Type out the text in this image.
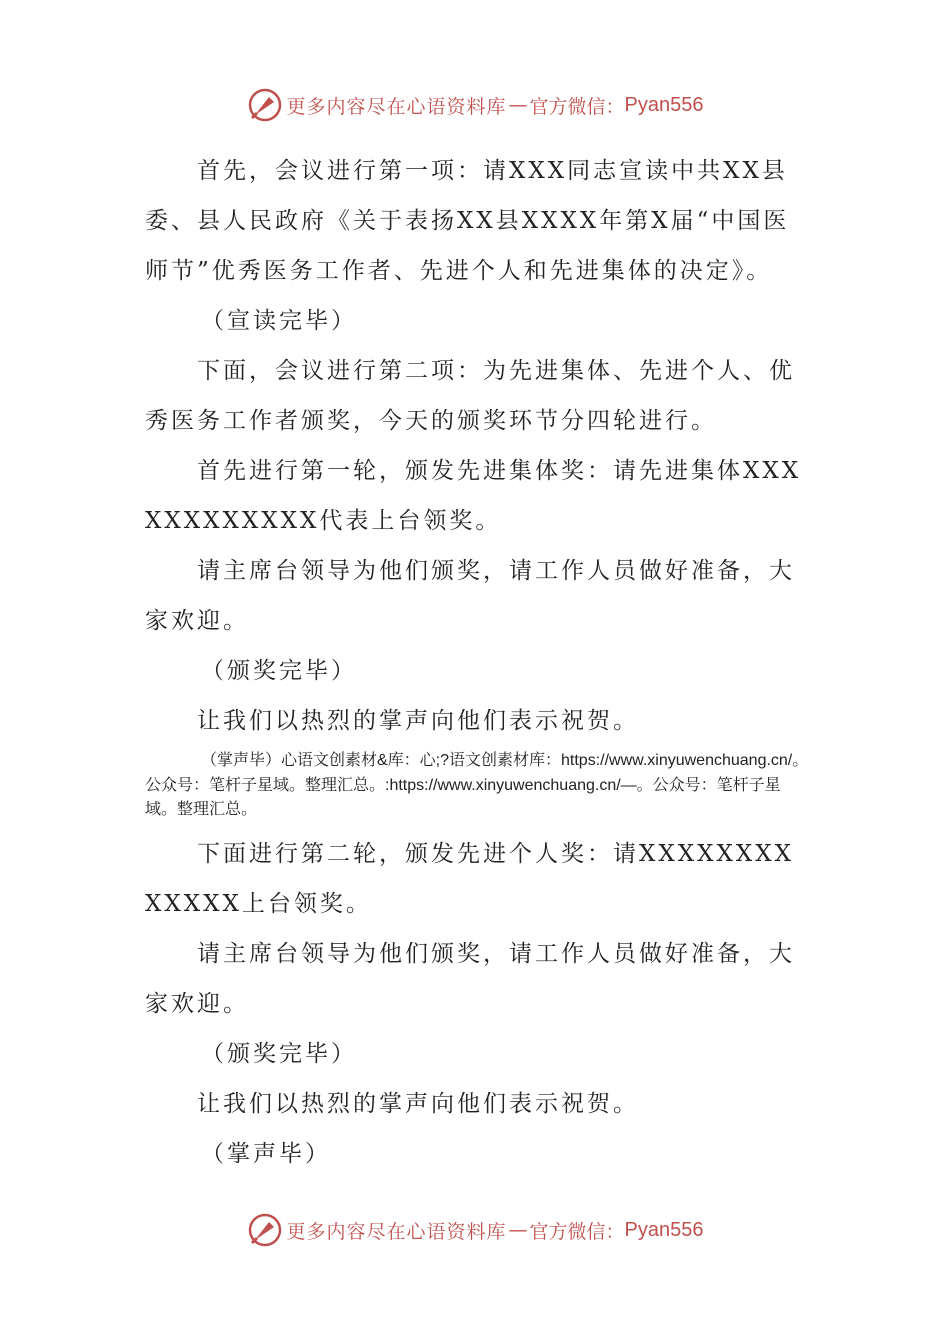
更多内容尽在心语资料库 — 官方微信： Pyan556

首先，会议进行第一项：请XXX同志宣读中共XX县委、县人民政府《关于表扬XX县XXXX年第X届“中国医师节”优秀医务工作者、先进个人和先进集体的决定》。

（宣读完毕）

下面，会议进行第二项：为先进集体、先进个人、优秀医务工作者颁奖，今天的颁奖环节分四轮进行。

首先进行第一轮，颁发先进集体奖：请先进集体XXXXXXXXXXXX代表上台领奖。

请主席台领导为他们颁奖，请工作人员做好准备，大家欢迎。

（颁奖完毕）

让我们以热烈的掌声向他们表示祝贺。

（掌声毕）心语文创素材&库：心;?语文创素材库：https://www.xinyuwenchuang.cn/。公众号：笔杆子星域。整理汇总。:https://www.xinyuwenchuang.cn/—。公众号：笔杆子星域。整理汇总。

下面进行第二轮，颁发先进个人奖：请XXXXXXXXXXXXX上台领奖。

请主席台领导为他们颁奖，请工作人员做好准备，大家欢迎。

（颁奖完毕）

让我们以热烈的掌声向他们表示祝贺。

（掌声毕）

更多内容尽在心语资料库 — 官方微信： Pyan556
